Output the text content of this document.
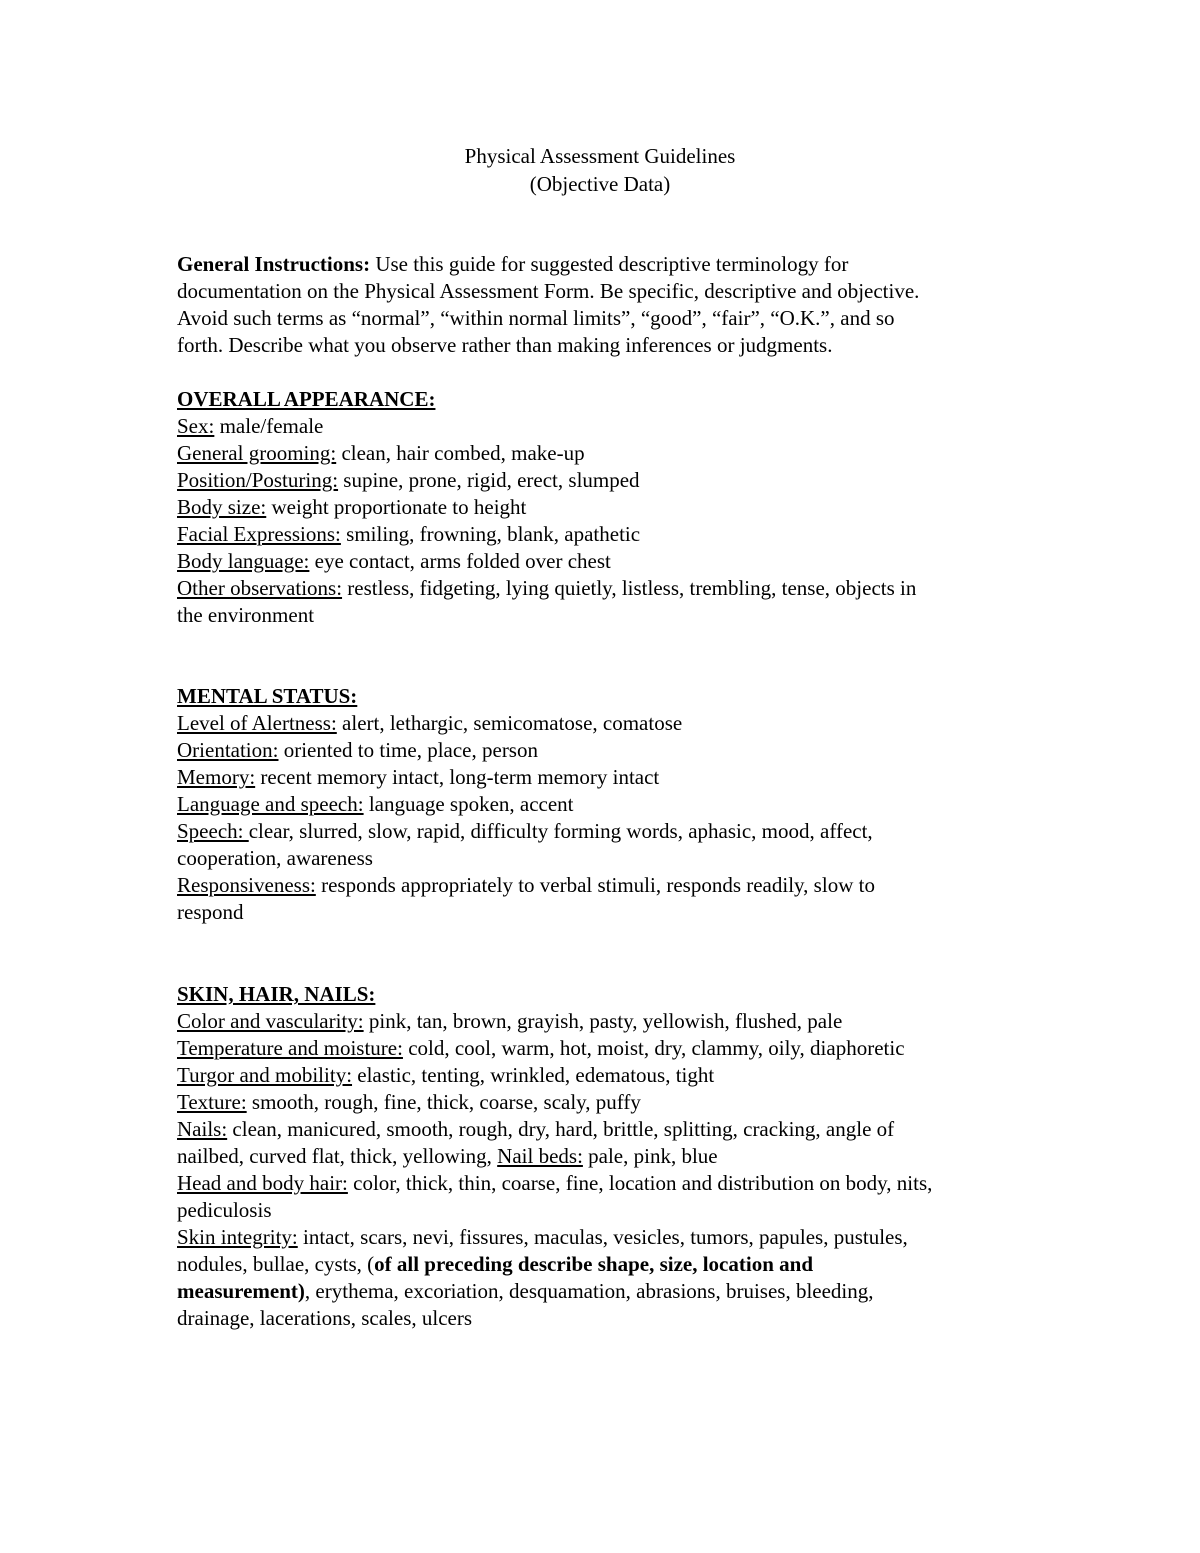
Physical Assessment Guidelines
(Objective Data)
General Instructions: Use this guide for suggested descriptive terminology for
documentation on the Physical Assessment Form. Be specific, descriptive and objective.
Avoid such terms as “normal”, “within normal limits”, “good”, “fair”, “O.K.”, and so
forth. Describe what you observe rather than making inferences or judgments.
OVERALL APPEARANCE:
Sex: male/female
General grooming: clean, hair combed, make-up
Position/Posturing: supine, prone, rigid, erect, slumped
Body size: weight proportionate to height
Facial Expressions: smiling, frowning, blank, apathetic
Body language: eye contact, arms folded over chest
Other observations: restless, fidgeting, lying quietly, listless, trembling, tense, objects in
the environment
MENTAL STATUS:
Level of Alertness: alert, lethargic, semicomatose, comatose
Orientation: oriented to time, place, person
Memory: recent memory intact, long-term memory intact
Language and speech: language spoken, accent
Speech: clear, slurred, slow, rapid, difficulty forming words, aphasic, mood, affect,
cooperation, awareness
Responsiveness: responds appropriately to verbal stimuli, responds readily, slow to
respond
SKIN, HAIR, NAILS:
Color and vascularity: pink, tan, brown, grayish, pasty, yellowish, flushed, pale
Temperature and moisture: cold, cool, warm, hot, moist, dry, clammy, oily, diaphoretic
Turgor and mobility: elastic, tenting, wrinkled, edematous, tight
Texture: smooth, rough, fine, thick, coarse, scaly, puffy
Nails: clean, manicured, smooth, rough, dry, hard, brittle, splitting, cracking, angle of
nailbed, curved flat, thick, yellowing, Nail beds: pale, pink, blue
Head and body hair: color, thick, thin, coarse, fine, location and distribution on body, nits,
pediculosis
Skin integrity: intact, scars, nevi, fissures, maculas, vesicles, tumors, papules, pustules,
nodules, bullae, cysts, (of all preceding describe shape, size, location and
measurement), erythema, excoriation, desquamation, abrasions, bruises, bleeding,
drainage, lacerations, scales, ulcers
